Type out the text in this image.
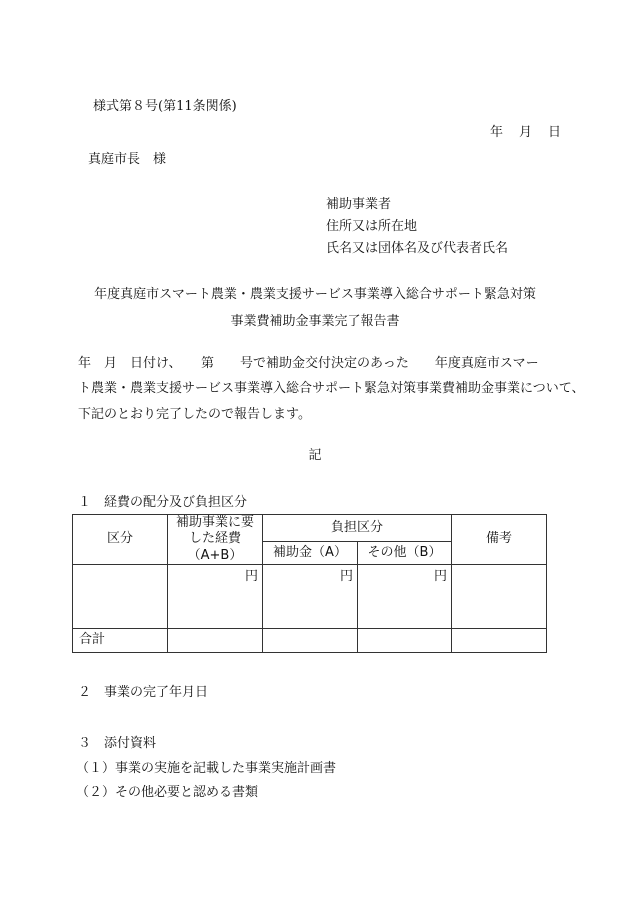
様式第８号(第11条関係)
年 月 日
真庭市長　様
補助事業者
住所又は所在地
氏名又は団体名及び代表者氏名
年度真庭市スマート農業・農業支援サービス事業導入総合サポート緊急対策
事業費補助金事業完了報告書
年　月　日付け、　　第　　号で補助金交付決定のあった　　年度真庭市スマー
ト農業・農業支援サービス事業導入総合サポート緊急対策事業費補助金事業について、
下記のとおり完了したので報告します。
記
１　経費の配分及び負担区分
区分	補助事業に要
した経費
（A+B）	負担区分		備考
		補助金（A）	その他（B）	
	円	円	円	
合計				
２　事業の完了年月日
３　添付資料
（１）事業の実施を記載した事業実施計画書
（２）その他必要と認める書類
